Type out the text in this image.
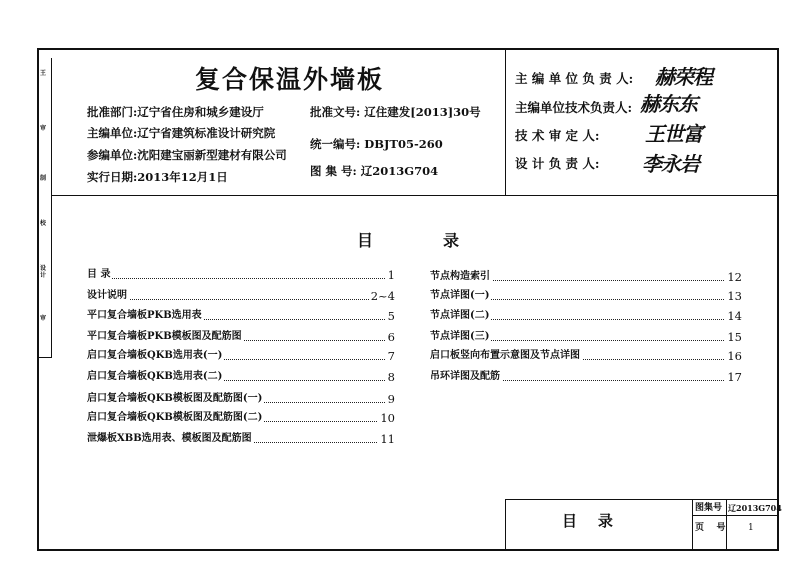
王
审
制
校
设计
审
复合保温外墙板
批准部门:辽宁省住房和城乡建设厅
主编单位:辽宁省建筑标准设计研究院
参编单位:沈阳建宝丽新型建材有限公司
实行日期:2013年12月1日
批准文号: 辽住建发[2013]30号
统一编号: DBJT05-260
图 集 号: 辽2013G704
主 编 单 位 负 责 人: 赫荣程
主编单位技术负责人: 赫东东
技 术 审 定 人: 王世富
设 计 负 责 人: 李永岩
目	录
目 录	1
设计说明	2~4
平口复合墙板PKB选用表	5
平口复合墙板PKB模板图及配筋图	6
启口复合墙板QKB选用表(一)	7
启口复合墙板QKB选用表(二)	8
启口复合墙板QKB模板图及配筋图(一)	9
启口复合墙板QKB模板图及配筋图(二)	10
泄爆板XBB选用表、模板图及配筋图	11
节点构造索引	12
节点详图(一)	13
节点详图(二)	14
节点详图(三)	15
启口板竖向布置示意图及节点详图	16
吊环详图及配筋	17
目    录
图集号 辽2013G704
页    号 1
